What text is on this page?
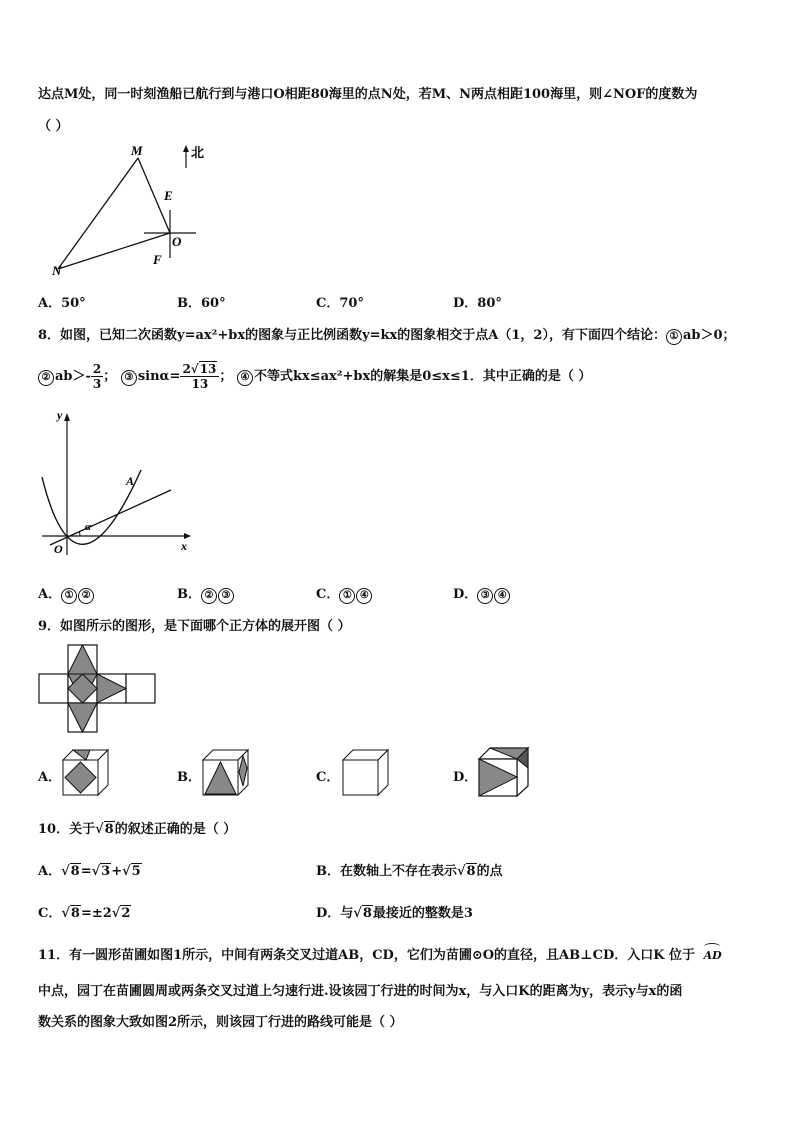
达点M处，同一时刻渔船已航行到与港口O相距80海里的点N处，若M、N两点相距100海里，则∠NOF的度数为
（ ）
M
N
E
O
F
北
A．50°	B．60°	C．70°	D．80°
8．如图，已知二次函数y=ax²+bx的图象与正比例函数y=kx的图象相交于点A（1，2），有下面四个结论： ① ab＞0；
② $ab>- \frac{2}{3}$ ； ③ $\sin\alpha= \frac{2√13}{13}$ ； ④ 不等式kx≤ax²+bx的解集是0≤x≤1．其中正确的是（ ）
y
x
O
A
α
A． ① ②	B． ② ③	C． ① ④	D． ③ ④
9．如图所示的图形，是下面哪个正方体的展开图（ ）
A．	B．	C．	D．
10．关于√8的叙述正确的是（ ）
A．√8=√3+√5	B．在数轴上不存在表示√8的点
C．√8=±2√2	D．与√8最接近的整数是3
11．有一圆形苗圃如图1所示，中间有两条交叉过道AB，CD，它们为苗圃⊙O的直径，且AB⊥CD．入口K 位于 AD
中点，园丁在苗圃圆周或两条交叉过道上匀速行进.设该园丁行进的时间为x，与入口K的距离为y，表示y与x的函
数关系的图象大致如图2所示，则该园丁行进的路线可能是（ ）
